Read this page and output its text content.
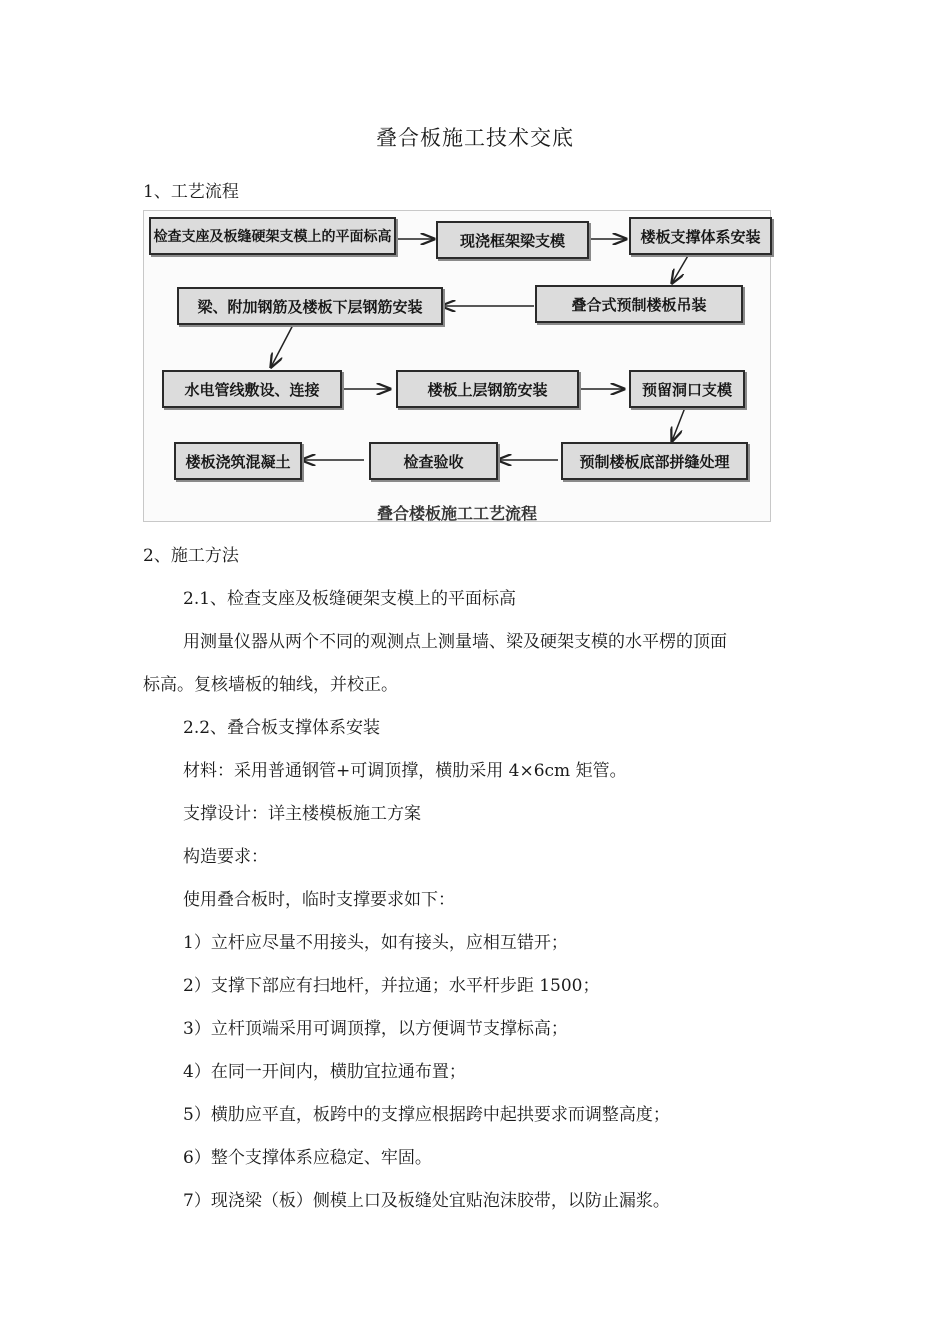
叠合板施工技术交底
1、工艺流程
检查支座及板缝硬架支模上的平面标高	现浇框架梁支模	楼板支撑体系安装
叠合式预制楼板吊装
梁、附加钢筋及楼板下层钢筋安装
水电管线敷设、连接	楼板上层钢筋安装	预留洞口支模
预制楼板底部拼缝处理
检查验收
楼板浇筑混凝土
叠合楼板施工工艺流程
2、施工方法
2.1、检查支座及板缝硬架支模上的平面标高
用测量仪器从两个不同的观测点上测量墙、梁及硬架支模的水平楞的顶面
标高。复核墙板的轴线，并校正。
2.2、叠合板支撑体系安装
材料：采用普通钢管+可调顶撑，横肋采用 4×6cm 矩管。
支撑设计：详主楼模板施工方案
构造要求：
使用叠合板时，临时支撑要求如下：
1）立杆应尽量不用接头，如有接头，应相互错开；
2）支撑下部应有扫地杆，并拉通；水平杆步距 1500；
3）立杆顶端采用可调顶撑，以方便调节支撑标高；
4）在同一开间内，横肋宜拉通布置；
5）横肋应平直，板跨中的支撑应根据跨中起拱要求而调整高度；
6）整个支撑体系应稳定、牢固。
7）现浇梁（板）侧模上口及板缝处宜贴泡沫胶带，以防止漏浆。
